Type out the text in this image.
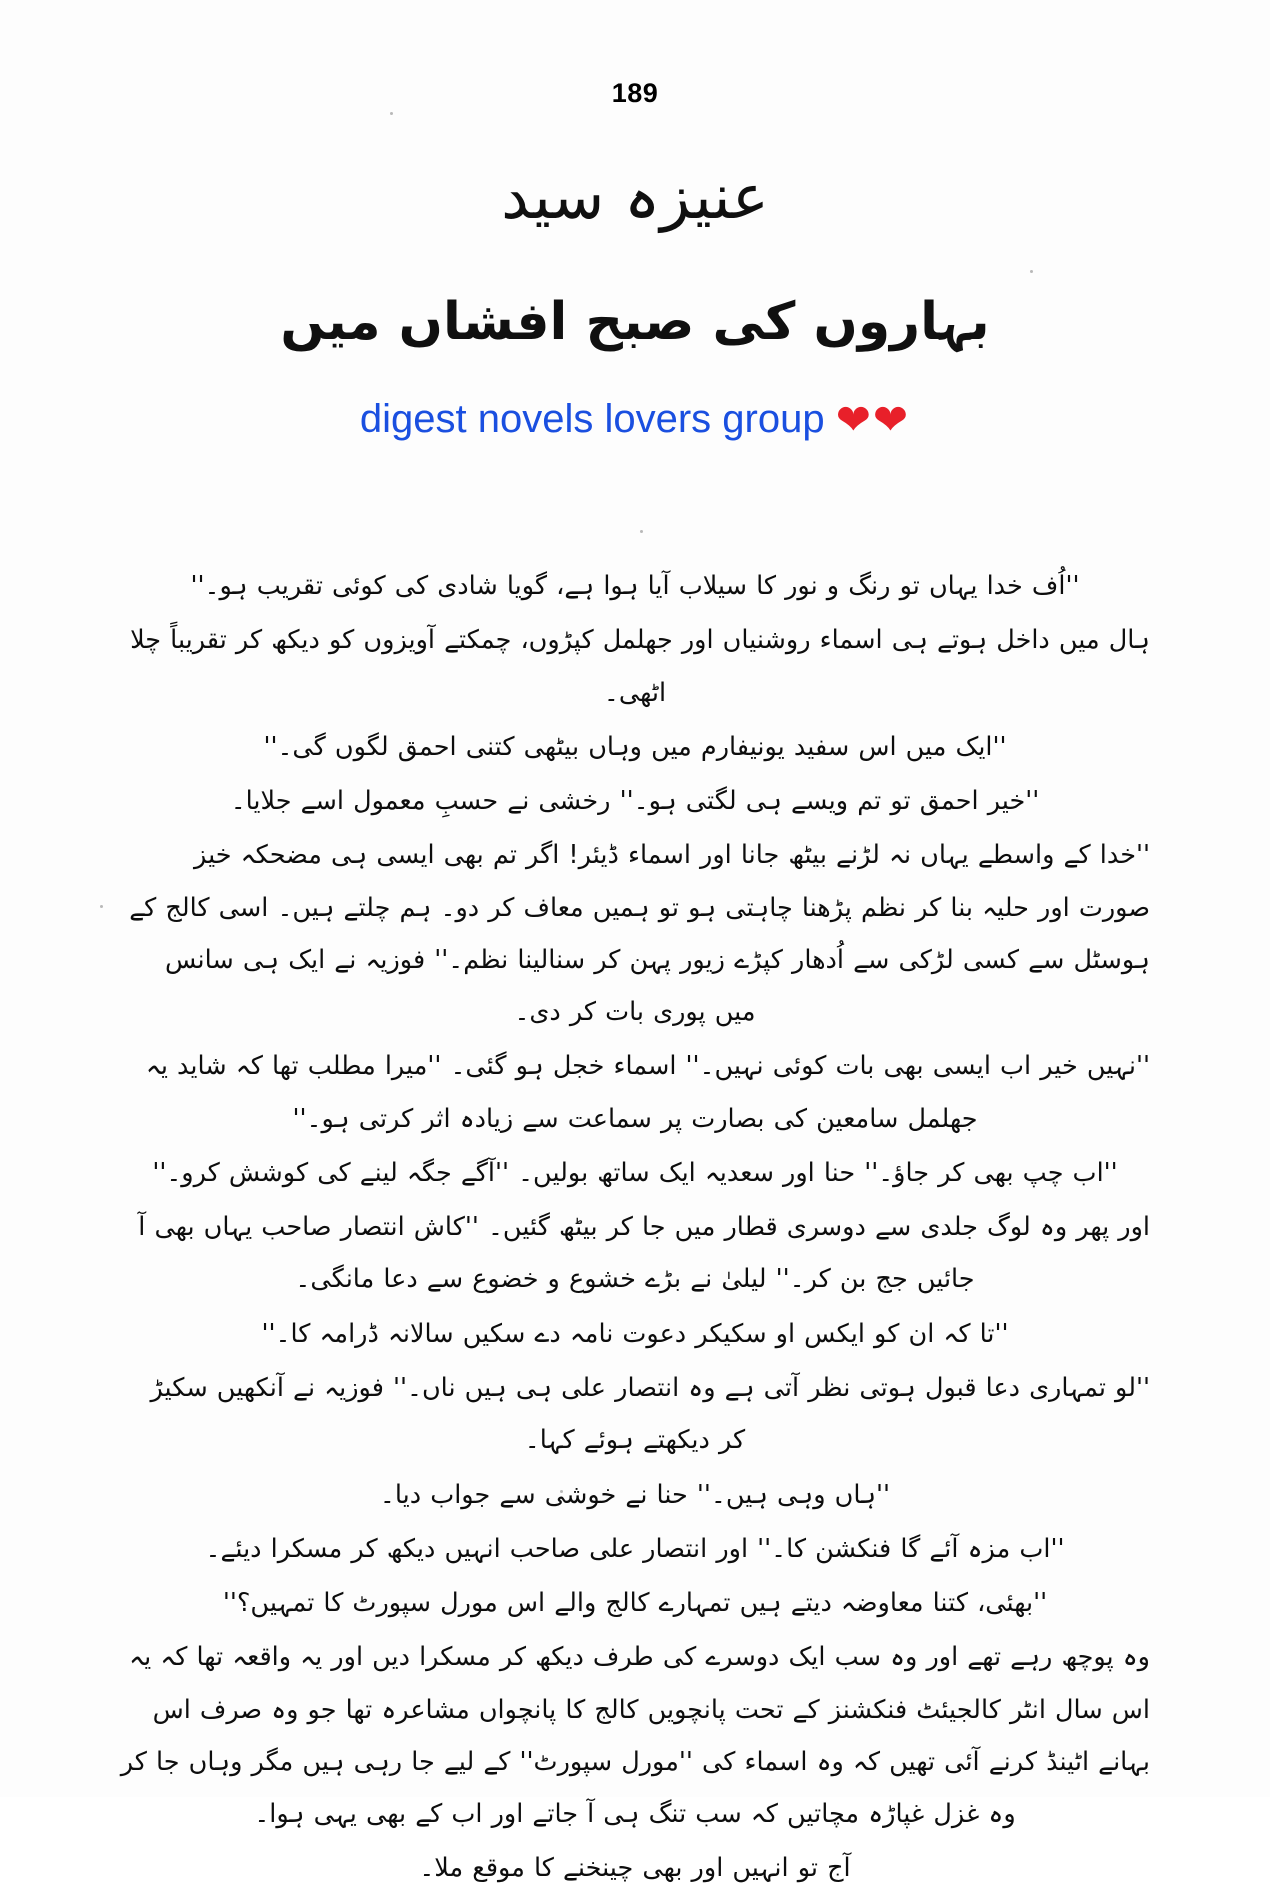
189
عنیزہ سید
بہاروں کی صبح افشاں میں
digest novels lovers group ❤❤

''اُف خدا یہاں تو رنگ و نور کا سیلاب آیا ہوا ہے، گویا شادی کی کوئی تقریب ہو۔''

ہال میں داخل ہوتے ہی اسماء روشنیاں اور جھلمل کپڑوں، چمکتے آویزوں کو دیکھ کر تقریباً چلا اٹھی۔

''ایک میں اس سفید یونیفارم میں وہاں بیٹھی کتنی احمق لگوں گی۔''

''خیر احمق تو تم ویسے ہی لگتی ہو۔'' رخشی نے حسبِ معمول اسے جلایا۔

''خدا کے واسطے یہاں نہ لڑنے بیٹھ جانا اور اسماء ڈیئر! اگر تم بھی ایسی ہی مضحکہ خیز صورت اور حلیہ بنا کر نظم پڑھنا چاہتی ہو تو ہمیں معاف کر دو۔ ہم چلتے ہیں۔ اسی کالج کے ہوسٹل سے کسی لڑکی سے اُدھار کپڑے زیور پہن کر سنالینا نظم۔'' فوزیہ نے ایک ہی سانس میں پوری بات کر دی۔

''نہیں خیر اب ایسی بھی بات کوئی نہیں۔'' اسماء خجل ہو گئی۔ ''میرا مطلب تھا کہ شاید یہ جھلمل سامعین کی بصارت پر سماعت سے زیادہ اثر کرتی ہو۔''

''اب چپ بھی کر جاؤ۔'' حنا اور سعدیہ ایک ساتھ بولیں۔ ''آگے جگہ لینے کی کوشش کرو۔''

اور پھر وہ لوگ جلدی سے دوسری قطار میں جا کر بیٹھ گئیں۔ ''کاش انتصار صاحب یہاں بھی آ جائیں جج بن کر۔'' لیلیٰ نے بڑے خشوع و خضوع سے دعا مانگی۔

''تا کہ ان کو ایکس او سکیکر دعوت نامہ دے سکیں سالانہ ڈرامہ کا۔''

''لو تمہاری دعا قبول ہوتی نظر آتی ہے وہ انتصار علی ہی ہیں ناں۔'' فوزیہ نے آنکھیں سکیڑ کر دیکھتے ہوئے کہا۔

''ہاں وہی ہیں۔'' حنا نے خوشی سے جواب دیا۔

''اب مزہ آئے گا فنکشن کا۔'' اور انتصار علی صاحب انہیں دیکھ کر مسکرا دیئے۔

''بھئی، کتنا معاوضہ دیتے ہیں تمہارے کالج والے اس مورل سپورٹ کا تمہیں؟''

وہ پوچھ رہے تھے اور وہ سب ایک دوسرے کی طرف دیکھ کر مسکرا دیں اور یہ واقعہ تھا کہ یہ اس سال انٹر کالجیئٹ فنکشنز کے تحت پانچویں کالج کا پانچواں مشاعرہ تھا جو وہ صرف اس بہانے اٹینڈ کرنے آئی تھیں کہ وہ اسماء کی ''مورل سپورٹ'' کے لیے جا رہی ہیں مگر وہاں جا کر وہ غزل غپاڑہ مچاتیں کہ سب تنگ ہی آ جاتے اور اب کے بھی یہی ہوا۔

آج تو انہیں اور بھی چینخنے کا موقع ملا۔
